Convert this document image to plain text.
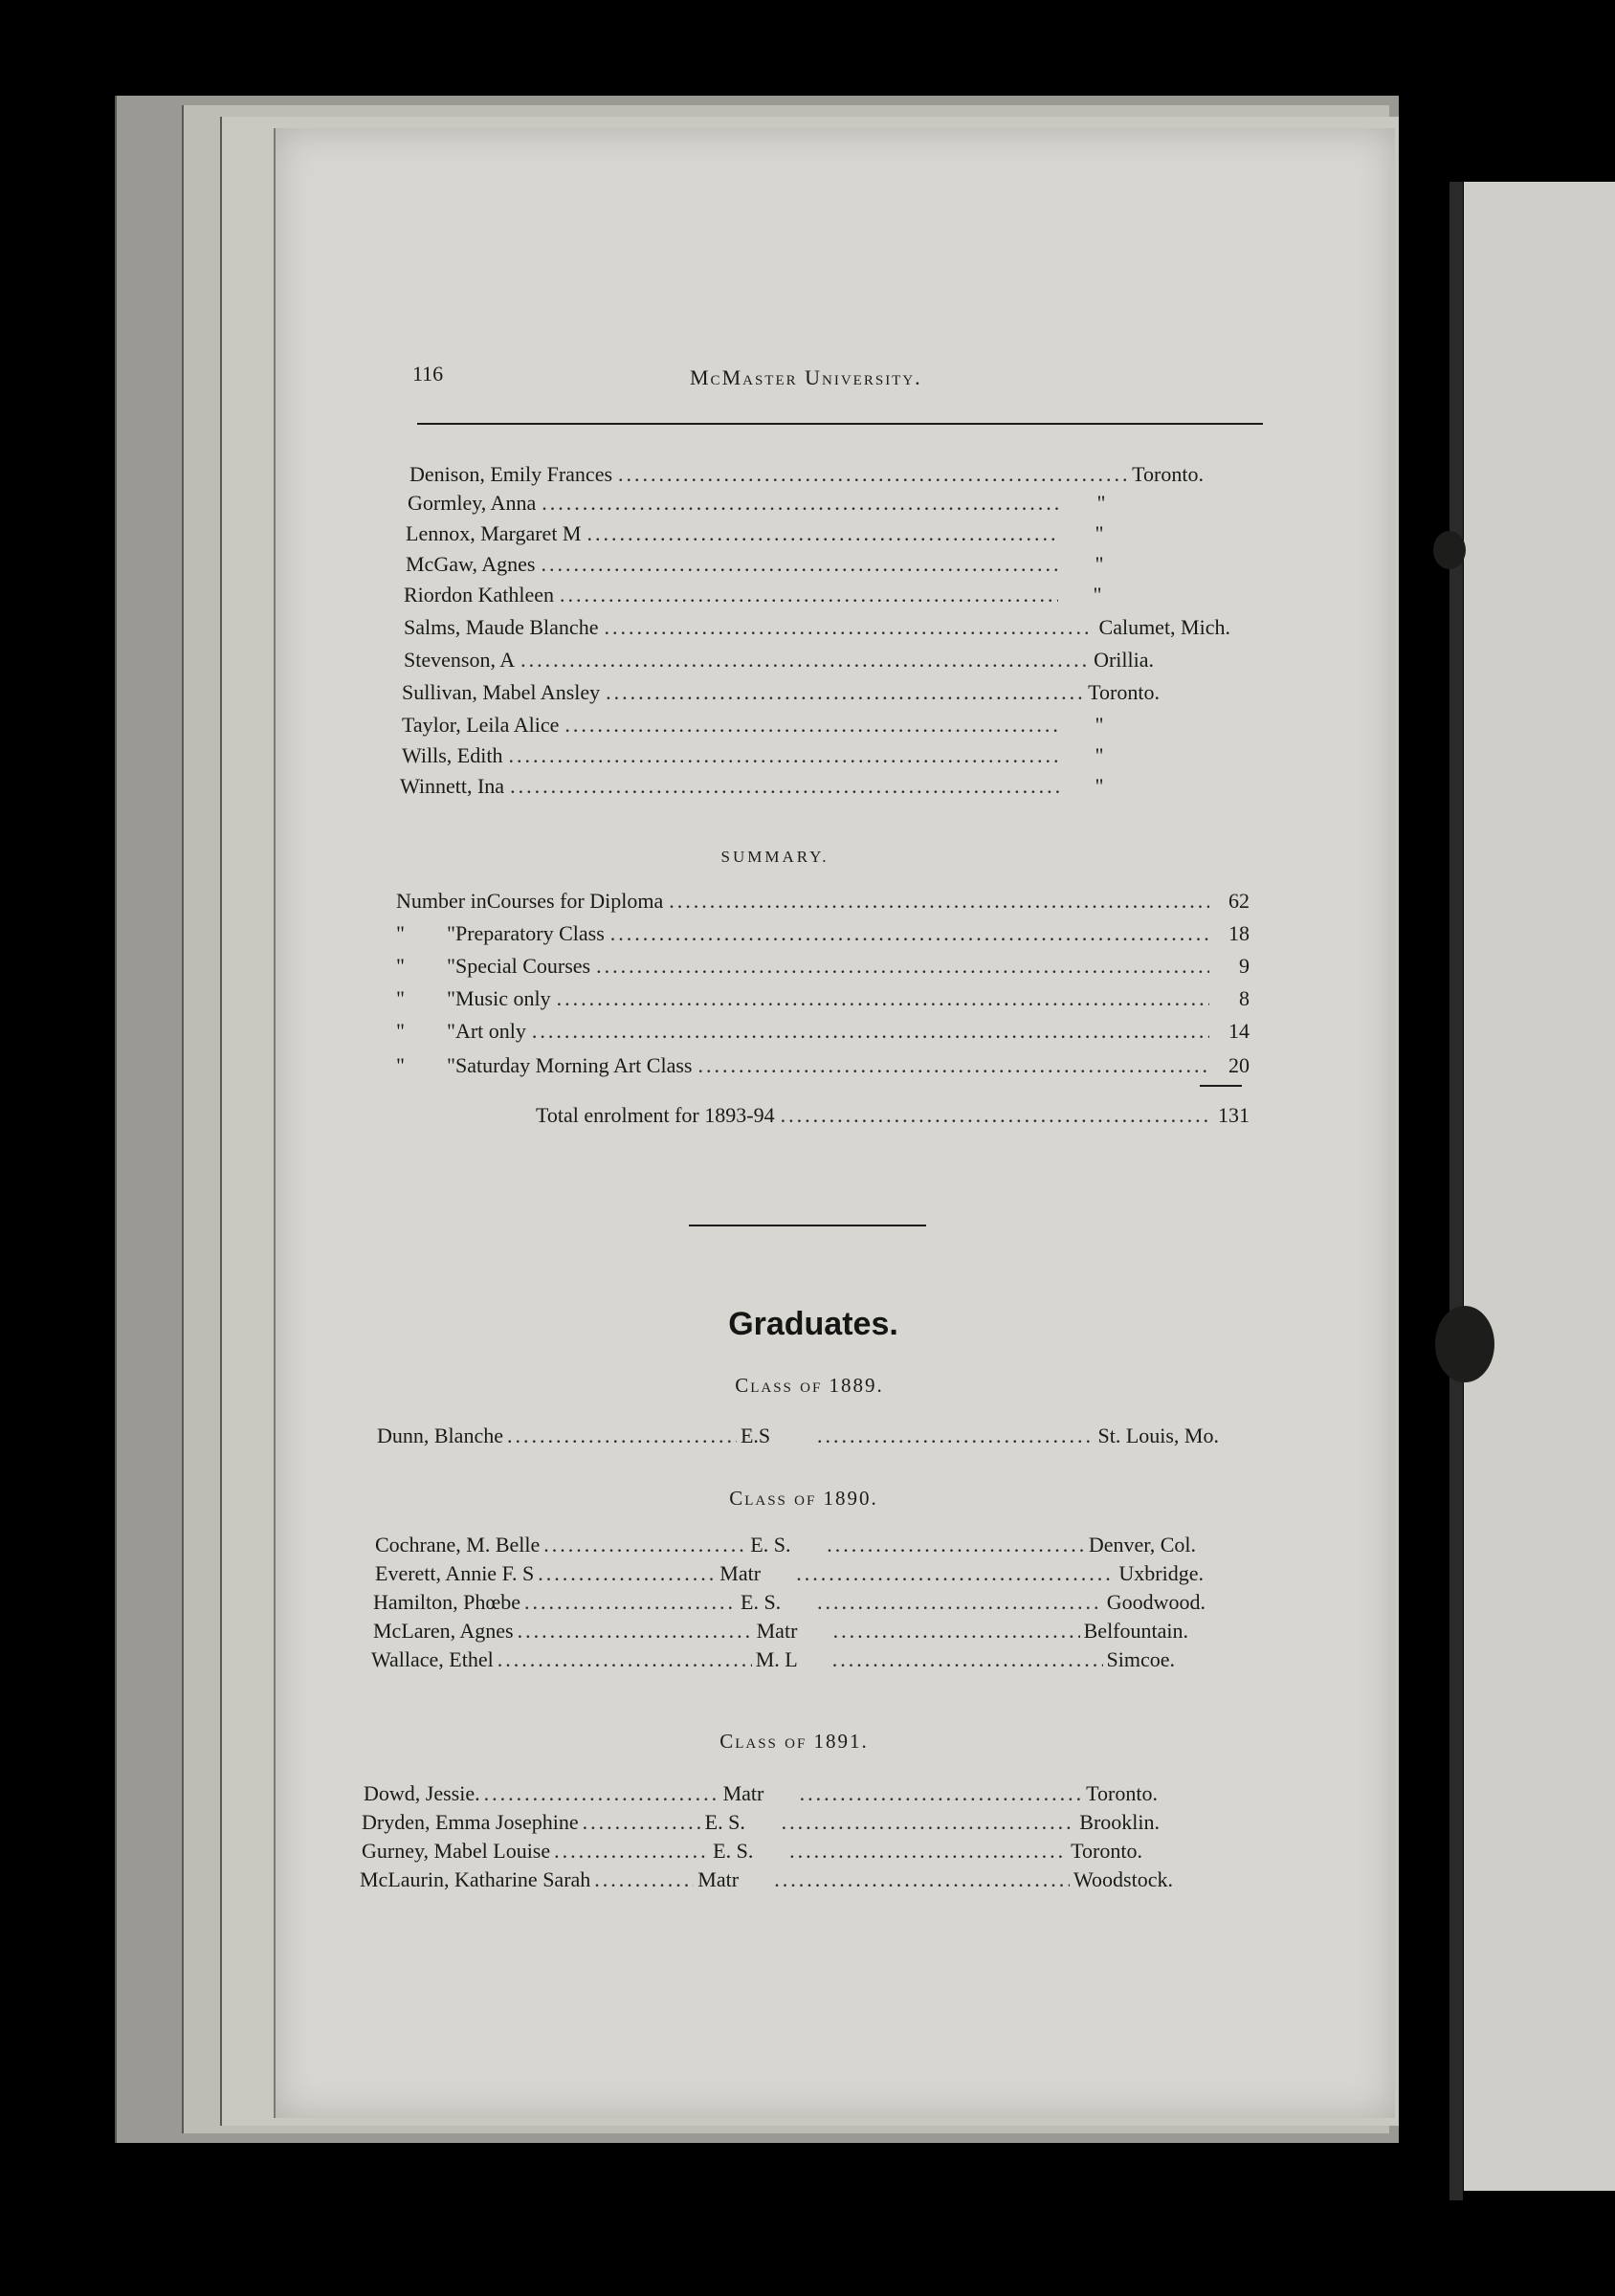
116	McMaster University.
Denison, Emily Frances .....	Toronto.
Gormley, Anna .....	"
Lennox, Margaret M .....	"
McGaw, Agnes .....	"
Riordon Kathleen .....	"
Salms, Maude Blanche .....	Calumet, Mich.
Stevenson, A .....	Orillia.
Sullivan, Mabel Ansley .....	Toronto.
Taylor, Leila Alice .....	"
Wills, Edith .....	"
Winnett, Ina .....	"
SUMMARY.
Number in Courses for Diploma .....	62
"        " Preparatory Class .....	18
"        " Special Courses .....	9
"        " Music only .....	8
"        " Art only .....	14
"        " Saturday Morning Art Class .....	20
Total enrolment for 1893-94 .....	131
Graduates.
Class of 1889.
Dunn, Blanche .....	E.S .....	St. Louis, Mo.
Class of 1890.
Cochrane, M. Belle .....	E. S. .....	Denver, Col.
Everett, Annie F. S .....	Matr .....	Uxbridge.
Hamilton, Phœbe .....	E. S. .....	Goodwood.
McLaren, Agnes .....	Matr .....	Belfountain.
Wallace, Ethel .....	M. L .....	Simcoe.
Class of 1891.
Dowd, Jessie. .....	Matr .....	Toronto.
Dryden, Emma Josephine .....	E. S. .....	Brooklin.
Gurney, Mabel Louise .....	E. S. .....	Toronto.
McLaurin, Katharine Sarah .....	Matr .....	Woodstock.
